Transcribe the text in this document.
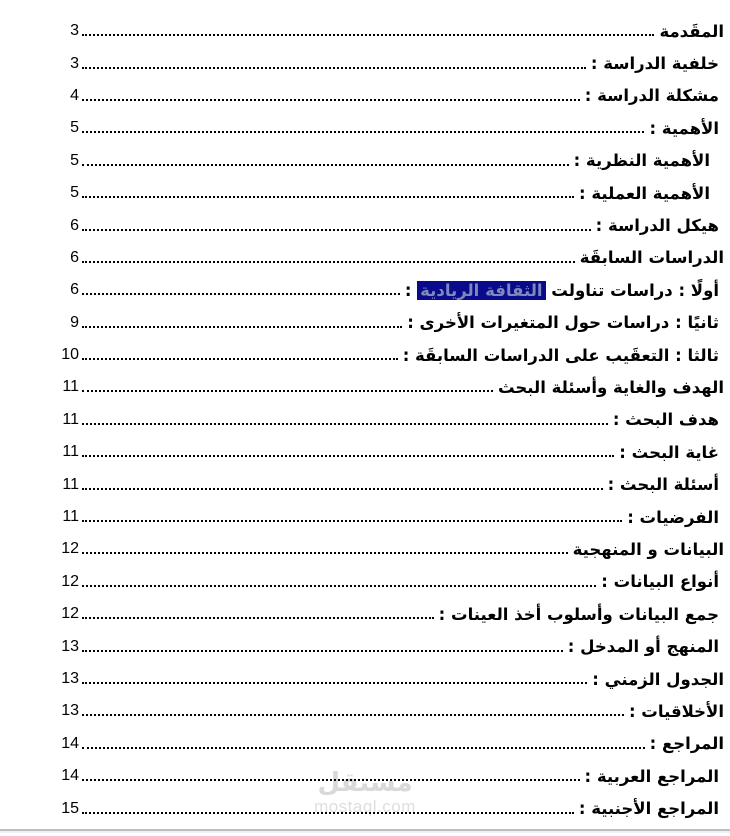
مستقل
mostaql.com
المقَدمة
3
خلفية الدراسة :
3
مشكلة الدراسة :
4
الأهمية :
5
الأهمية النظرية :
5
الأهمية العملية :
5
هيكل الدراسة :
6
الدراسات السابقَة
6
أولًا : دراسات تناولت الثقافة الريادية :
6
ثانيًا : دراسات حول المتغيرات الأخرى :
9
ثالثا : التعقَيب على الدراسات السابقَة :
10
الهدف والغاية وأسئلة البحث
11
هدف البحث :
11
غاية البحث :
11
أسئلة البحث :
11
الفرضيات :
11
البيانات و المنهجية
12
أنواع البيانات :
12
جمع البيانات وأسلوب أخذ العينات :
12
المنهج أو المدخل :
13
الجدول الزمني :
13
الأخلاقيات :
13
المراجع :
14
المراجع العربية :
14
المراجع الأجنبية :
15
